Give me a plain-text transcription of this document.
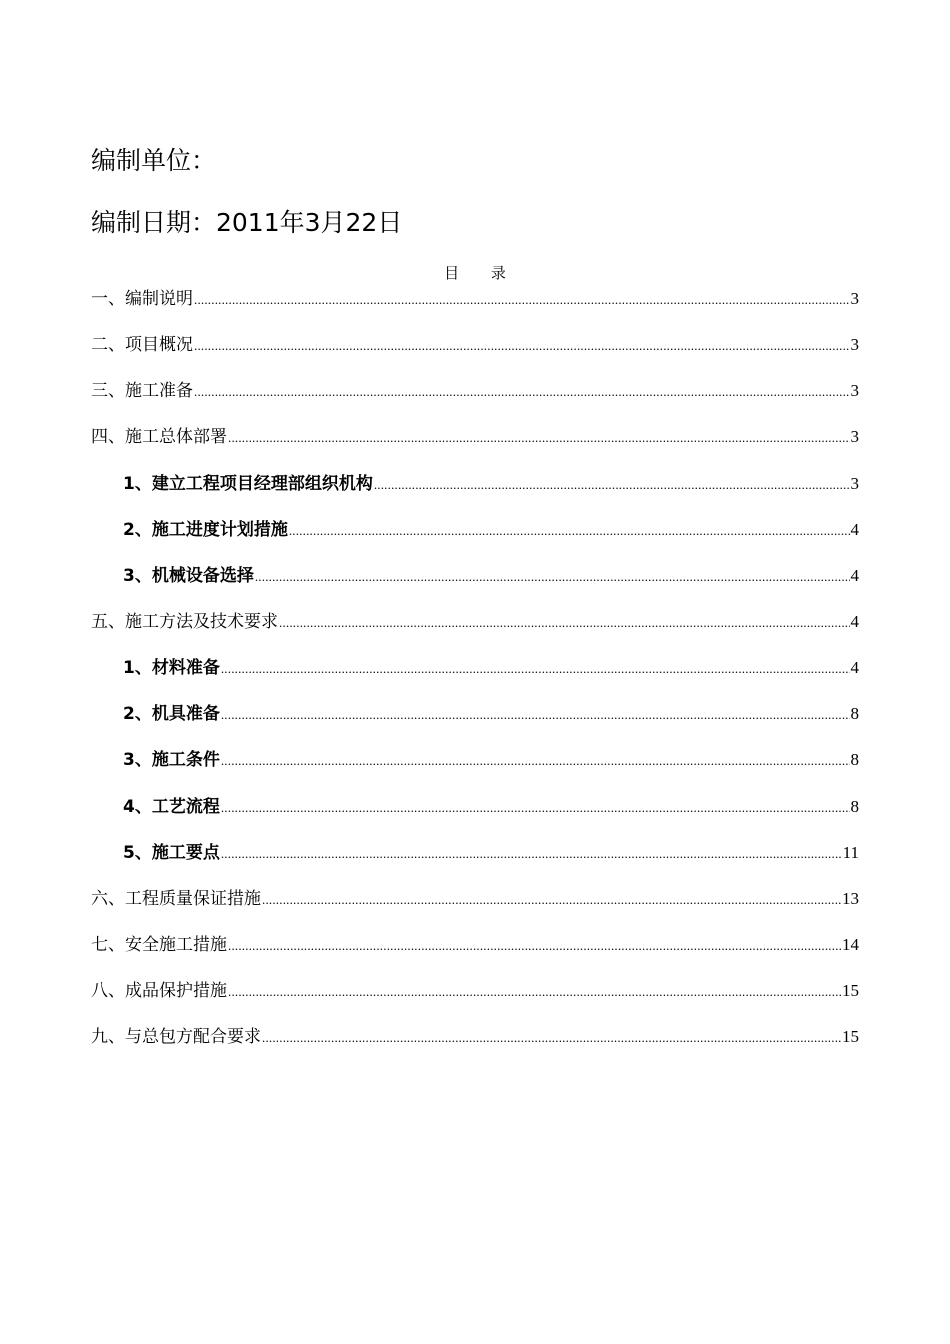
编制单位：
编制日期：2011年3月22日
目 录
一、编制说明 .....	3
二、项目概况 .....	3
三、施工准备 .....	3
四、施工总体部署 .....	3
1、建立工程项目经理部组织机构 .....	3
2、施工进度计划措施 .....	4
3、机械设备选择 .....	4
五、施工方法及技术要求 .....	4
1、材料准备 .....	4
2、机具准备 .....	8
3、施工条件 .....	8
4、工艺流程 .....	8
5、施工要点 .....	11
六、工程质量保证措施 .....	13
七、安全施工措施 .....	14
八、成品保护措施 .....	15
九、与总包方配合要求 .....	15
